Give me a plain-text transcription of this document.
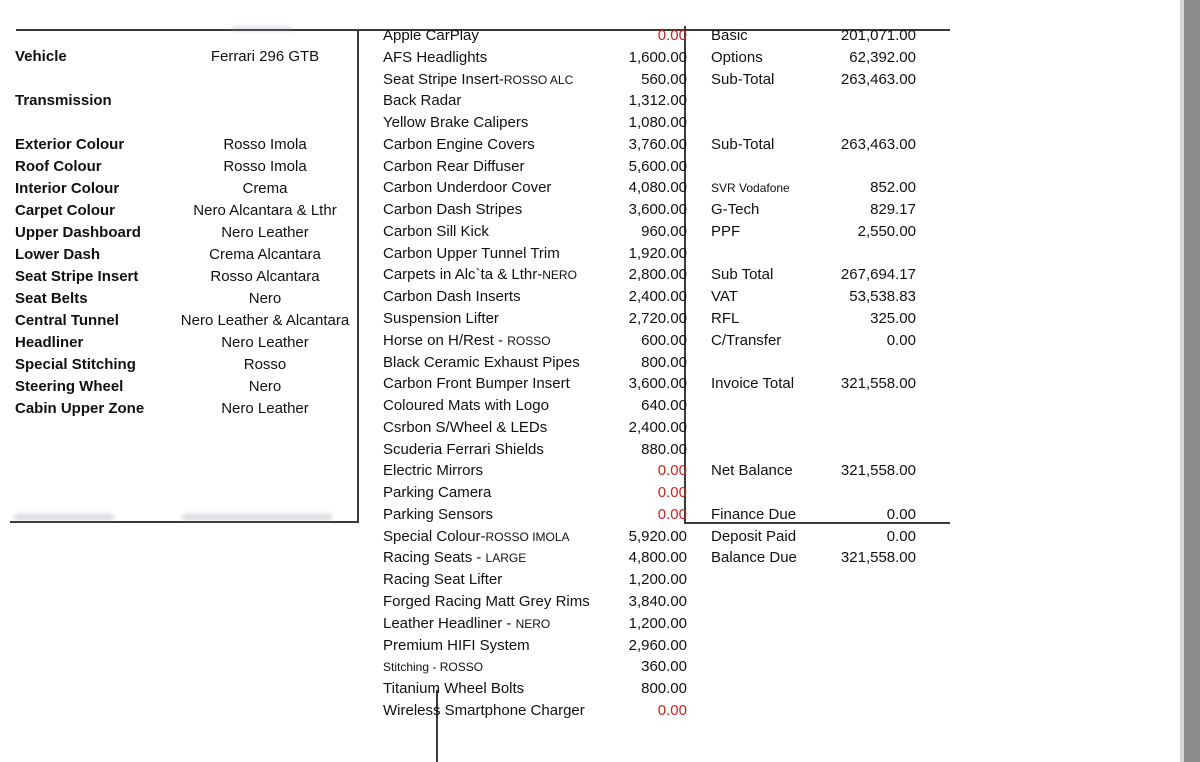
Vehicle	Ferrari 296 GTB
Transmission
Exterior Colour	Rosso Imola
Roof Colour	Rosso Imola
Interior Colour	Crema
Carpet Colour	Nero Alcantara & Lthr
Upper Dashboard	Nero Leather
Lower Dash	Crema Alcantara
Seat Stripe Insert	Rosso Alcantara
Seat Belts	Nero
Central Tunnel	Nero Leather & Alcantara
Headliner	Nero Leather
Special Stitching	Rosso
Steering Wheel	Nero
Cabin Upper Zone	Nero Leather
Apple CarPlay	0.00
AFS Headlights	1,600.00
Seat Stripe Insert-ROSSO ALC	560.00
Back Radar	1,312.00
Yellow Brake Calipers	1,080.00
Carbon Engine Covers	3,760.00
Carbon Rear Diffuser	5,600.00
Carbon Underdoor Cover	4,080.00
Carbon Dash Stripes	3,600.00
Carbon Sill Kick	960.00
Carbon Upper Tunnel Trim	1,920.00
Carpets in Alc`ta & Lthr-NERO	2,800.00
Carbon Dash Inserts	2,400.00
Suspension Lifter	2,720.00
Horse on H/Rest - ROSSO	600.00
Black Ceramic Exhaust Pipes	800.00
Carbon Front Bumper Insert	3,600.00
Coloured Mats with Logo	640.00
Csrbon S/Wheel & LEDs	2,400.00
Scuderia Ferrari Shields	880.00
Electric Mirrors	0.00
Parking Camera	0.00
Parking Sensors	0.00
Special Colour-ROSSO IMOLA	5,920.00
Racing Seats - LARGE	4,800.00
Racing Seat Lifter	1,200.00
Forged Racing Matt Grey Rims	3,840.00
Leather Headliner - NERO	1,200.00
Premium HIFI System	2,960.00
Stitching - ROSSO	360.00
Titanium Wheel Bolts	800.00
Wireless Smartphone Charger	0.00
Basic	201,071.00
Options	62,392.00
Sub-Total	263,463.00
Sub-Total	263,463.00
SVR Vodafone	852.00
G-Tech	829.17
PPF	2,550.00
Sub Total	267,694.17
VAT	53,538.83
RFL	325.00
C/Transfer	0.00
Invoice Total	321,558.00
Net Balance	321,558.00
Finance Due	0.00
Deposit Paid	0.00
Balance Due	321,558.00
